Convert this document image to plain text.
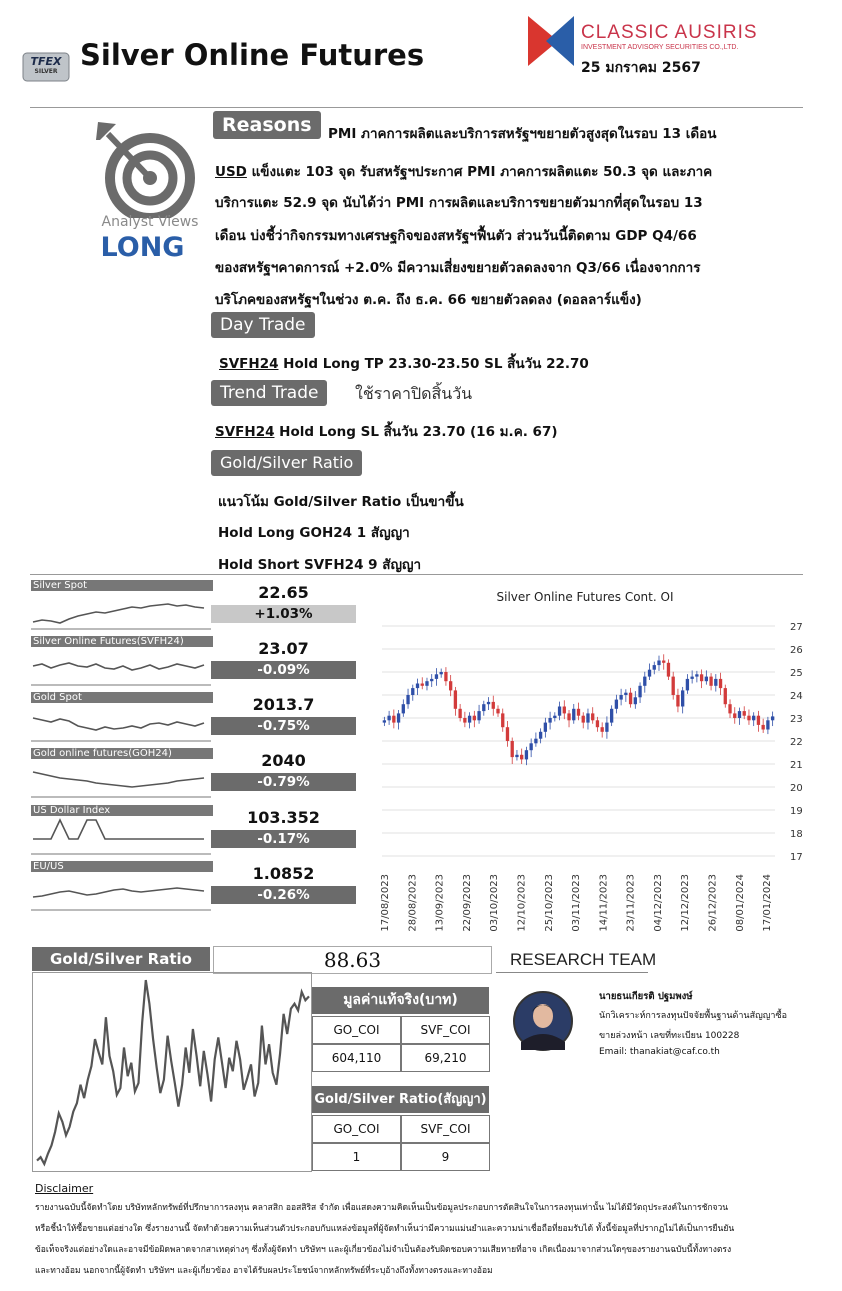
TFEX
SILVER Silver Online Futures
CLASSIC AUSIRIS
INVESTMENT ADVISORY SECURITIES CO.,LTD.
25 มกราคม 2567
Analyst Views
LONG
Reasons	PMI ภาคการผลิตและบริการสหรัฐฯขยายตัวสูงสุดในรอบ 13 เดือน
USD แข็งแตะ 103 จุด รับสหรัฐฯประกาศ PMI ภาคการผลิตแตะ 50.3 จุด และภาค
บริการแตะ 52.9 จุด นับได้ว่า PMI การผลิตและบริการขยายตัวมากที่สุดในรอบ 13
เดือน บ่งชี้ว่ากิจกรรมทางเศรษฐกิจของสหรัฐฯฟื้นตัว ส่วนวันนี้ติดตาม GDP Q4/66
ของสหรัฐฯคาดการณ์ +2.0% มีความเสี่ยงขยายตัวลดลงจาก Q3/66 เนื่องจากการ
บริโภคของสหรัฐฯในช่วง ต.ค. ถึง ธ.ค. 66 ขยายตัวลดลง (ดอลลาร์แข็ง)
Day Trade
SVFH24 Hold Long TP 23.30-23.50 SL สิ้นวัน 22.70
Trend Trade	ใช้ราคาปิดสิ้นวัน
SVFH24 Hold Long SL สิ้นวัน 23.70 (16 ม.ค. 67)
Gold/Silver Ratio
แนวโน้ม Gold/Silver Ratio เป็นขาขึ้น
Hold Long GOH24 1 สัญญา
Hold Short SVFH24 9 สัญญา
Silver Spot	22.65
+1.03%
Silver Online Futures(SVFH24)	23.07
-0.09%
Gold Spot	2013.7
-0.75%
Gold online futures(GOH24)	2040
-0.79%
US Dollar Index	103.352
-0.17%
EU/US	1.0852
-0.26%
Silver Online Futures Cont. OI
17
18
19
20
21
22
23
24
25
26
27
17/08/2023 28/08/2023 13/09/2023 22/09/2023 03/10/2023 12/10/2023 25/10/2023 03/11/2023 14/11/2023 23/11/2023 04/12/2023 12/12/2023 26/12/2023 08/01/2024 17/01/2024
Gold/Silver Ratio	88.63
มูลค่าแท้จริง(บาท)
GO_COI	SVF_COI
604,110	69,210
Gold/Silver Ratio(สัญญา)
GO_COI	SVF_COI
1	9
RESEARCH TEAM
นายธนเกียรติ ปฐมพงษ์
นักวิเคราะห์การลงทุนปัจจัยพื้นฐานด้านสัญญาซื้อ
ขายล่วงหน้า เลขที่ทะเบียน 100228
Email: thanakiat@caf.co.th
Disclaimer
รายงานฉบับนี้จัดทำโดย บริษัทหลักทรัพย์ที่ปรึกษาการลงทุน คลาสสิก ออสสิริส จำกัด เพื่อแสดงความคิดเห็นเป็นข้อมูลประกอบการตัดสินใจในการลงทุนเท่านั้น ไม่ได้มีวัตถุประสงค์ในการชักจวน
หรือชี้นำให้ซื้อขายแต่อย่างใด ซึ่งรายงานนี้ จัดทำด้วยความเห็นส่วนตัวประกอบกับแหล่งข้อมูลที่ผู้จัดทำเห็นว่ามีความแม่นยำและความน่าเชื่อถือที่ยอมรับได้ ทั้งนี้ข้อมูลที่ปรากฏไม่ได้เป็นการยืนยัน
ข้อเท็จจริงแต่อย่างใดและอาจมีข้อผิดพลาดจากสาเหตุต่างๆ ซึ่งทั้งผู้จัดทำ บริษัทฯ และผู้เกี่ยวข้องไม่จำเป็นต้องรับผิดชอบความเสียหายที่อาจ เกิดเนื่องมาจากส่วนใดๆของรายงานฉบับนี้ทั้งทางตรง
และทางอ้อม นอกจากนี้ผู้จัดทำ บริษัทฯ และผู้เกี่ยวข้อง อาจได้รับผลประโยชน์จากหลักทรัพย์ที่ระบุอ้างถึงทั้งทางตรงและทางอ้อม
